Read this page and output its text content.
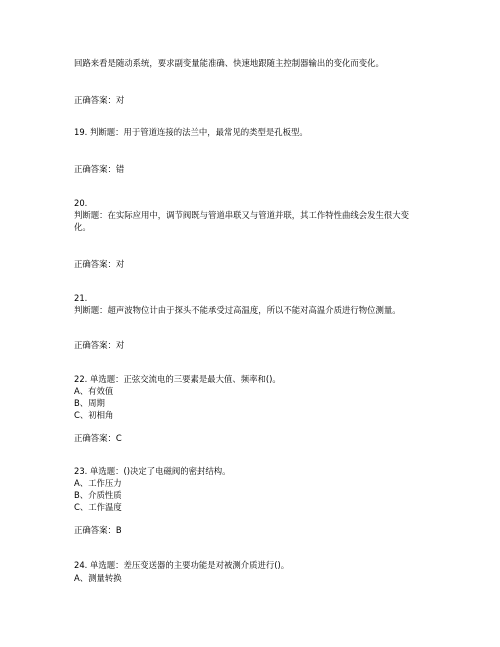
回路来看是随动系统，要求副变量能准确、快速地跟随主控制器输出的变化而变化。
正确答案：对
19. 判断题：用于管道连接的法兰中，最常见的类型是孔板型。
正确答案：错
20.
判断题：在实际应用中，调节阀既与管道串联又与管道并联，其工作特性曲线会发生很大变
化。
正确答案：对
21.
判断题：超声波物位计由于探头不能承受过高温度，所以不能对高温介质进行物位测量。
正确答案：对
22. 单选题：正弦交流电的三要素是最大值、频率和()。
A、有效值
B、周期
C、初相角
正确答案：C
23. 单选题：()决定了电磁阀的密封结构。
A、工作压力
B、介质性质
C、工作温度
正确答案：B
24. 单选题：差压变送器的主要功能是对被测介质进行()。
A、测量转换
